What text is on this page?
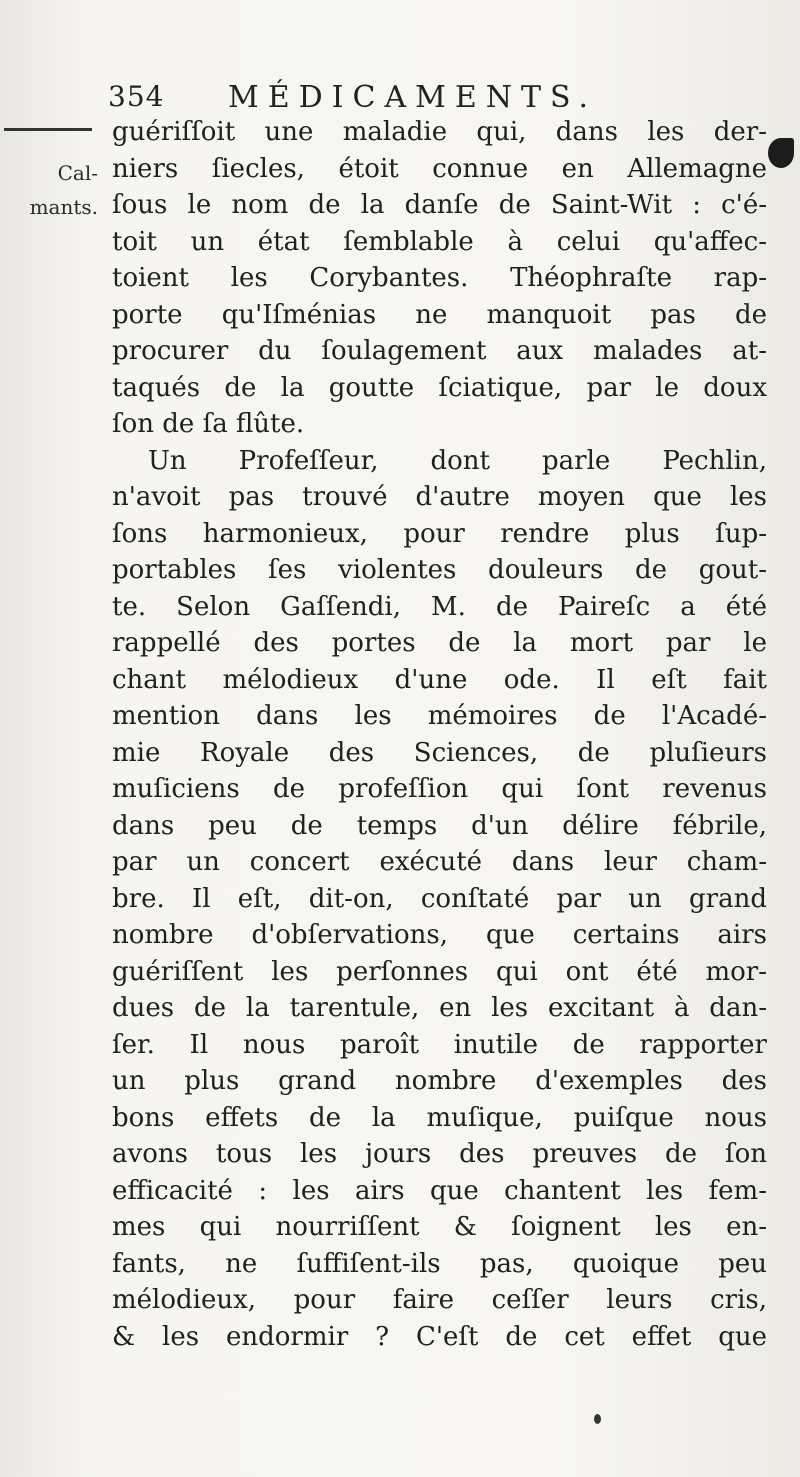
354 MÉDICAMENTS.
Cal-
mants.
guériſſoit une maladie qui, dans les der-
niers ſiecles, étoit connue en Allemagne
ſous le nom de la danſe de Saint-Wit : c'é-
toit un état ſemblable à celui qu'affec-
toient les Corybantes. Théophraſte rap-
porte qu'Iſménias ne manquoit pas de
procurer du ſoulagement aux malades at-
taqués de la goutte ſciatique, par le doux
ſon de ſa flûte.
Un Profeſſeur, dont parle Pechlin,
n'avoit pas trouvé d'autre moyen que les
ſons harmonieux, pour rendre plus ſup-
portables ſes violentes douleurs de gout-
te. Selon Gaſſendi, M. de Paireſc a été
rappellé des portes de la mort par le
chant mélodieux d'une ode. Il eſt fait
mention dans les mémoires de l'Acadé-
mie Royale des Sciences, de pluſieurs
muſiciens de profeſſion qui ſont revenus
dans peu de temps d'un délire fébrile,
par un concert exécuté dans leur cham-
bre. Il eſt, dit-on, conſtaté par un grand
nombre d'obſervations, que certains airs
guériſſent les perſonnes qui ont été mor-
dues de la tarentule, en les excitant à dan-
ſer. Il nous paroît inutile de rapporter
un plus grand nombre d'exemples des
bons effets de la muſique, puiſque nous
avons tous les jours des preuves de ſon
efficacité : les airs que chantent les fem-
mes qui nourriſſent & ſoignent les en-
fants, ne ſuffiſent-ils pas, quoique peu
mélodieux, pour faire ceſſer leurs cris,
& les endormir ? C'eſt de cet effet que
